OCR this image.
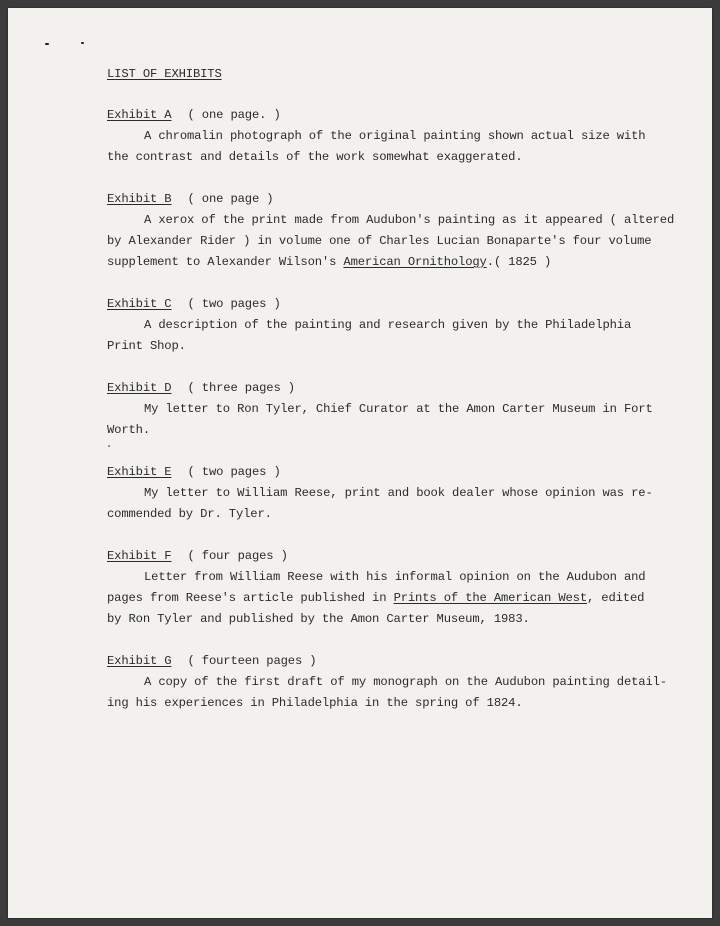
LIST OF EXHIBITS
Exhibit A ( one page. )
A chromalin photograph of the original painting shown actual size with
the contrast and details of the work somewhat exaggerated.
Exhibit B ( one page )
A xerox of the print made from Audubon's painting as it appeared ( altered
by Alexander Rider ) in volume one of Charles Lucian Bonaparte's four volume
supplement to Alexander Wilson's American Ornithology.( 1825 )
Exhibit C ( two pages )
A description of the painting and research given by the Philadelphia
Print Shop.
Exhibit D ( three pages )
My letter to Ron Tyler, Chief Curator at the Amon Carter Museum in Fort
Worth.
Exhibit E ( two pages )
My letter to William Reese, print and book dealer whose opinion was re-
commended by Dr. Tyler.
Exhibit F ( four pages )
Letter from William Reese with his informal opinion on the Audubon and
pages from Reese's article published in Prints of the American West, edited
by Ron Tyler and published by the Amon Carter Museum, 1983.
Exhibit G ( fourteen pages )
A copy of the first draft of my monograph on the Audubon painting detail-
ing his experiences in Philadelphia in the spring of 1824.
